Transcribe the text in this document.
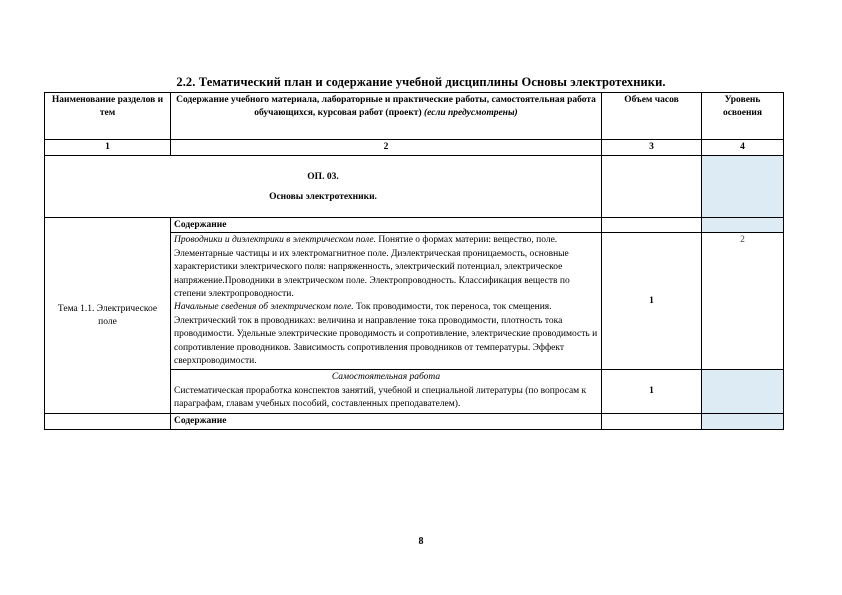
2.2. Тематический план и содержание учебной дисциплины Основы электротехники.
Наименование разделов и тем	Содержание учебного материала, лабораторные и практические работы, самостоятельная работа обучающихся, курсовая работ (проект) (если предусмотрены)	Объем часов	Уровень освоения
1	2	3	4

ОП. 03.
Основы электротехники.			

Тема 1.1. Электрическое поле	Содержание		
	Проводники и диэлектрики в электрическом поле. Понятие о формах материи: вещество, поле. Элементарные частицы и их электромагнитное поле. Диэлектрическая проницаемость, основные характеристики электрического поля: напряженность, электрический потенциал, электрическое напряжение.Проводники в электрическом поле. Электропроводность. Классификация веществ по степени электропроводности.
Начальные сведения об электрическом поле. Ток проводимости, ток переноса, ток смещения. Электрический ток в проводниках: величина и направление тока проводимости, плотность тока проводимости. Удельные электрические проводимость и сопротивление, электрические проводимость и сопротивление проводников. Зависимость сопротивления проводников от температуры. Эффект сверхпроводимости.	1	2

	Самостоятельная работа
Систематическая проработка конспектов занятий, учебной и специальной литературы (по вопросам к параграфам, главам учебных пособий, составленных преподавателем).	1	
	Содержание		
8
